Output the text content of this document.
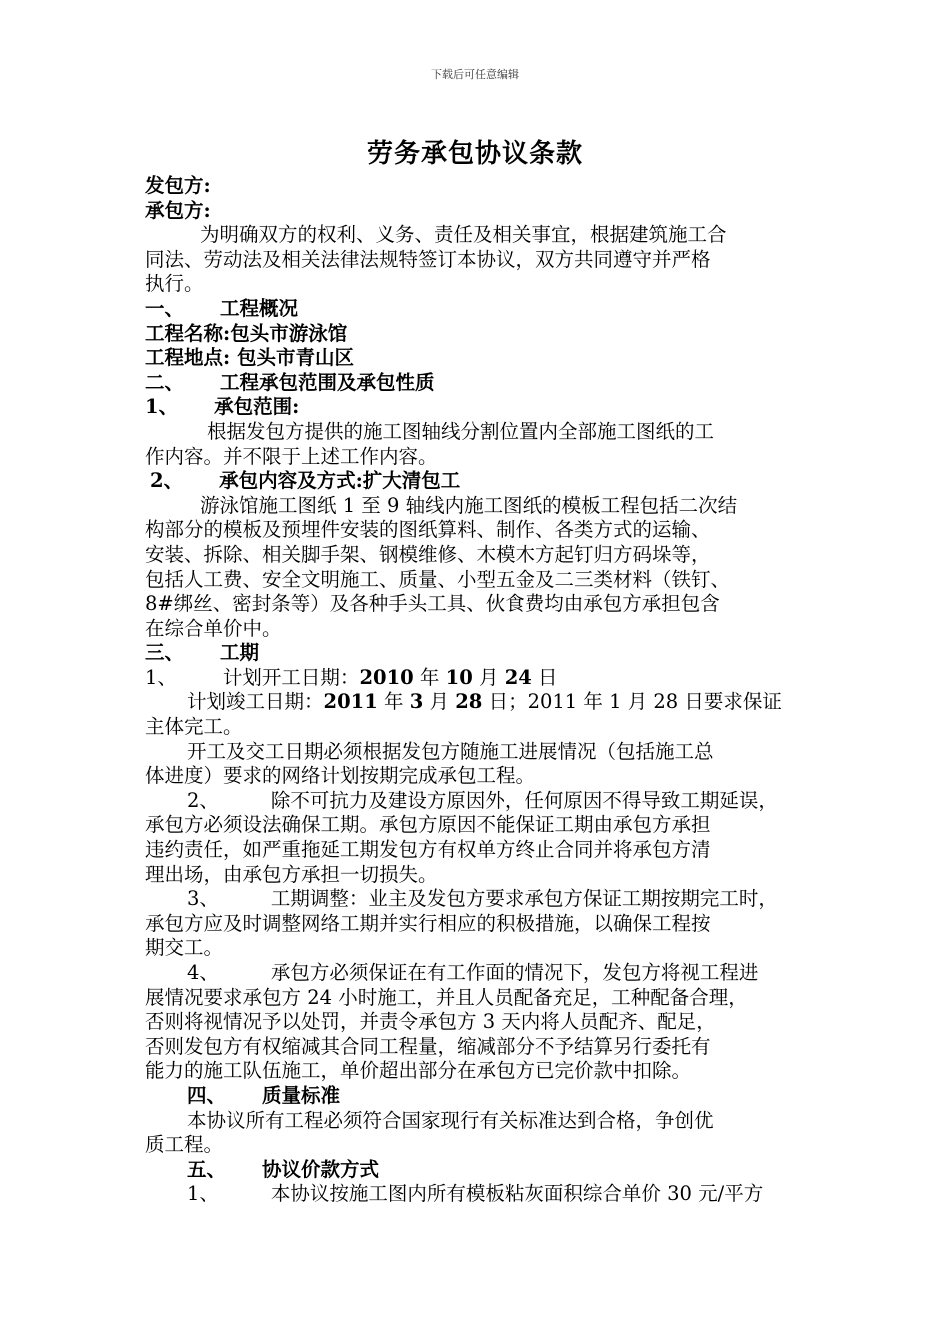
下载后可任意编辑
劳务承包协议条款
发包方:
承包方:
为明确双方的权利、义务、责任及相关事宜，根据建筑施工合
同法、劳动法及相关法律法规特签订本协议，双方共同遵守并严格
执行。
一、 工程概况
工程名称:包头市游泳馆
工程地点: 包头市青山区
二、 工程承包范围及承包性质
1、 承包范围:
根据发包方提供的施工图轴线分割位置内全部施工图纸的工
作内容。并不限于上述工作内容。
2、 承包内容及方式:扩大清包工
游泳馆施工图纸 1 至 9 轴线内施工图纸的模板工程包括二次结
构部分的模板及预埋件安装的图纸算料、制作、各类方式的运输、
安装、拆除、相关脚手架、钢模维修、木模木方起钉归方码垛等，
包括人工费、安全文明施工、质量、小型五金及二三类材料（铁钉、
8#绑丝、密封条等）及各种手头工具、伙食费均由承包方承担包含
在综合单价中。
三、 工期
1、 计划开工日期：2010 年 10 月 24 日
计划竣工日期：2011 年 3 月 28 日；2011 年 1 月 28 日要求保证
主体完工。
开工及交工日期必须根据发包方随施工进展情况（包括施工总
体进度）要求的网络计划按期完成承包工程。
2、	除不可抗力及建设方原因外，任何原因不得导致工期延误，
承包方必须设法确保工期。承包方原因不能保证工期由承包方承担
违约责任，如严重拖延工期发包方有权单方终止合同并将承包方清
理出场，由承包方承担一切损失。
3、	工期调整：业主及发包方要求承包方保证工期按期完工时，
承包方应及时调整网络工期并实行相应的积极措施，以确保工程按
期交工。
4、	承包方必须保证在有工作面的情况下，发包方将视工程进
展情况要求承包方 24 小时施工，并且人员配备充足，工种配备合理，
否则将视情况予以处罚，并责令承包方 3 天内将人员配齐、配足，
否则发包方有权缩减其合同工程量，缩减部分不予结算另行委托有
能力的施工队伍施工，单价超出部分在承包方已完价款中扣除。
四、 质量标准
本协议所有工程必须符合国家现行有关标准达到合格，争创优
质工程。
五、 协议价款方式
1、	本协议按施工图内所有模板粘灰面积综合单价 30 元/平方
